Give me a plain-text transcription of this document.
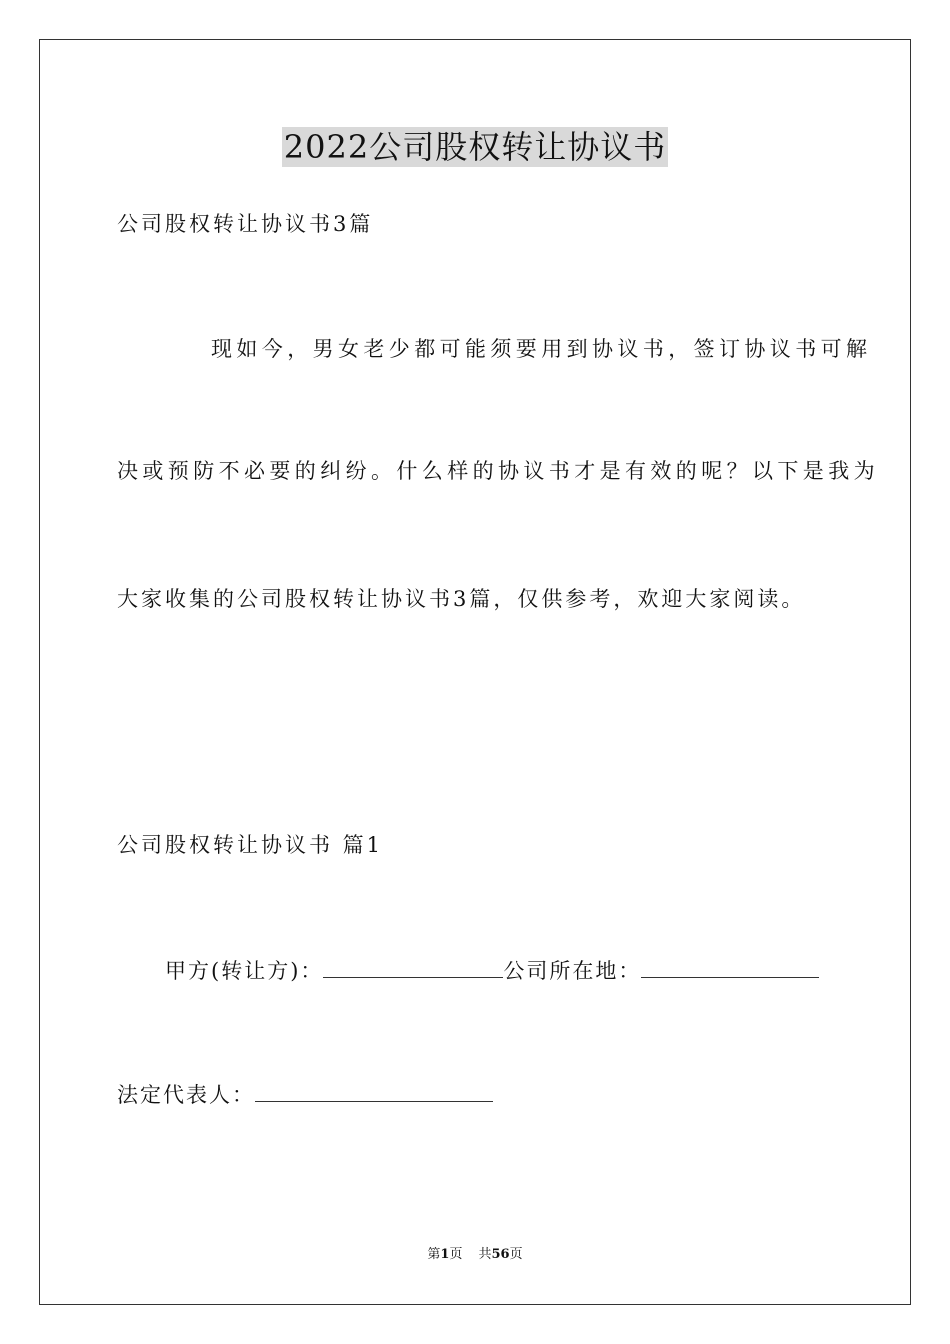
2022公司股权转让协议书
公司股权转让协议书3篇
现如今，男女老少都可能须要用到协议书，签订协议书可解
决或预防不必要的纠纷。什么样的协议书才是有效的呢？以下是我为
大家收集的公司股权转让协议书3篇，仅供参考，欢迎大家阅读。
公司股权转让协议书 篇1
甲方(转让方)：	公司所在地：
法定代表人：
第1页 共56页
